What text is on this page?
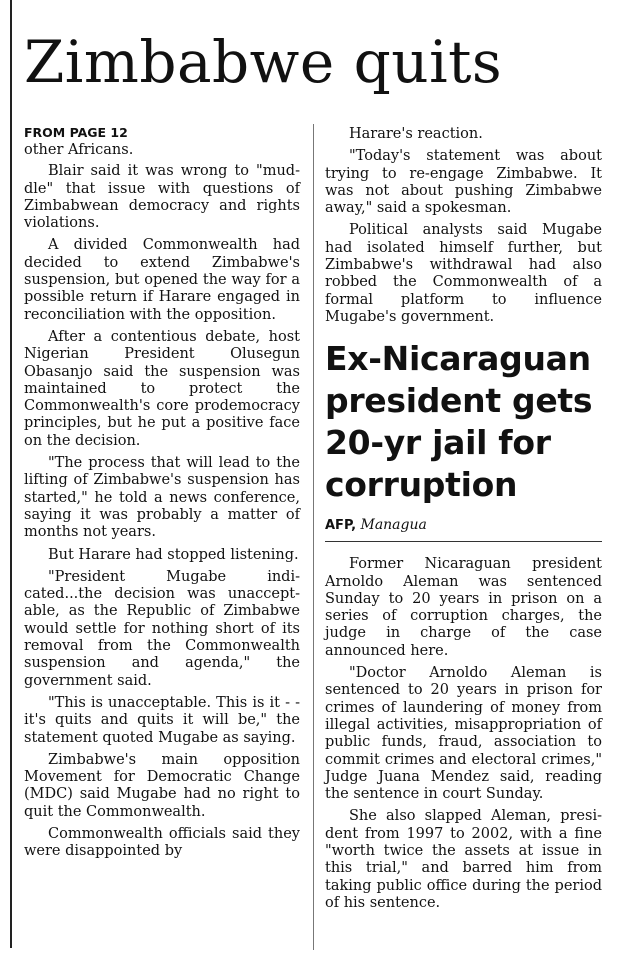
Zimbabwe quits
FROM PAGE 12

other Africans.

Blair said it was wrong to "muddle" that issue with questions of Zimbabwean democracy and rights violations.

A divided Commonwealth had decided to extend Zimbabwe's suspension, but opened the way for a possible return if Harare engaged in reconciliation with the opposition.

After a contentious debate, host Nigerian President Olusegun Obasanjo said the suspension was maintained to protect the Commonwealth's core prodemocracy principles, but he put a positive face on the decision.

"The process that will lead to the lifting of Zimbabwe's suspension has started," he told a news conference, saying it was probably a matter of months not years.

But Harare had stopped listening.

"President Mugabe indicated...the decision was unacceptable, as the Republic of Zimbabwe would settle for nothing short of its removal from the Commonwealth suspension and agenda," the government said.

"This is unacceptable. This is it - - it's quits and quits it will be," the statement quoted Mugabe as saying.

Zimbabwe's main opposition Movement for Democratic Change (MDC) said Mugabe had no right to quit the Commonwealth.

Commonwealth officials said they were disappointed by

Harare's reaction.

"Today's statement was about trying to re-engage Zimbabwe. It was not about pushing Zimbabwe away," said a spokesman.

Political analysts said Mugabe had isolated himself further, but Zimbabwe's withdrawal had also robbed the Commonwealth of a formal platform to influence Mugabe's government.

Ex-Nicaraguan president gets 20-yr jail for corruption
AFP, Managua

Former Nicaraguan president Arnoldo Aleman was sentenced Sunday to 20 years in prison on a series of corruption charges, the judge in charge of the case announced here.

"Doctor Arnoldo Aleman is sentenced to 20 years in prison for crimes of laundering of money from illegal activities, misappropriation of public funds, fraud, association to commit crimes and electoral crimes," Judge Juana Mendez said, reading the sentence in court Sunday.

She also slapped Aleman, president from 1997 to 2002, with a fine "worth twice the assets at issue in this trial," and barred him from taking public office during the period of his sentence.
